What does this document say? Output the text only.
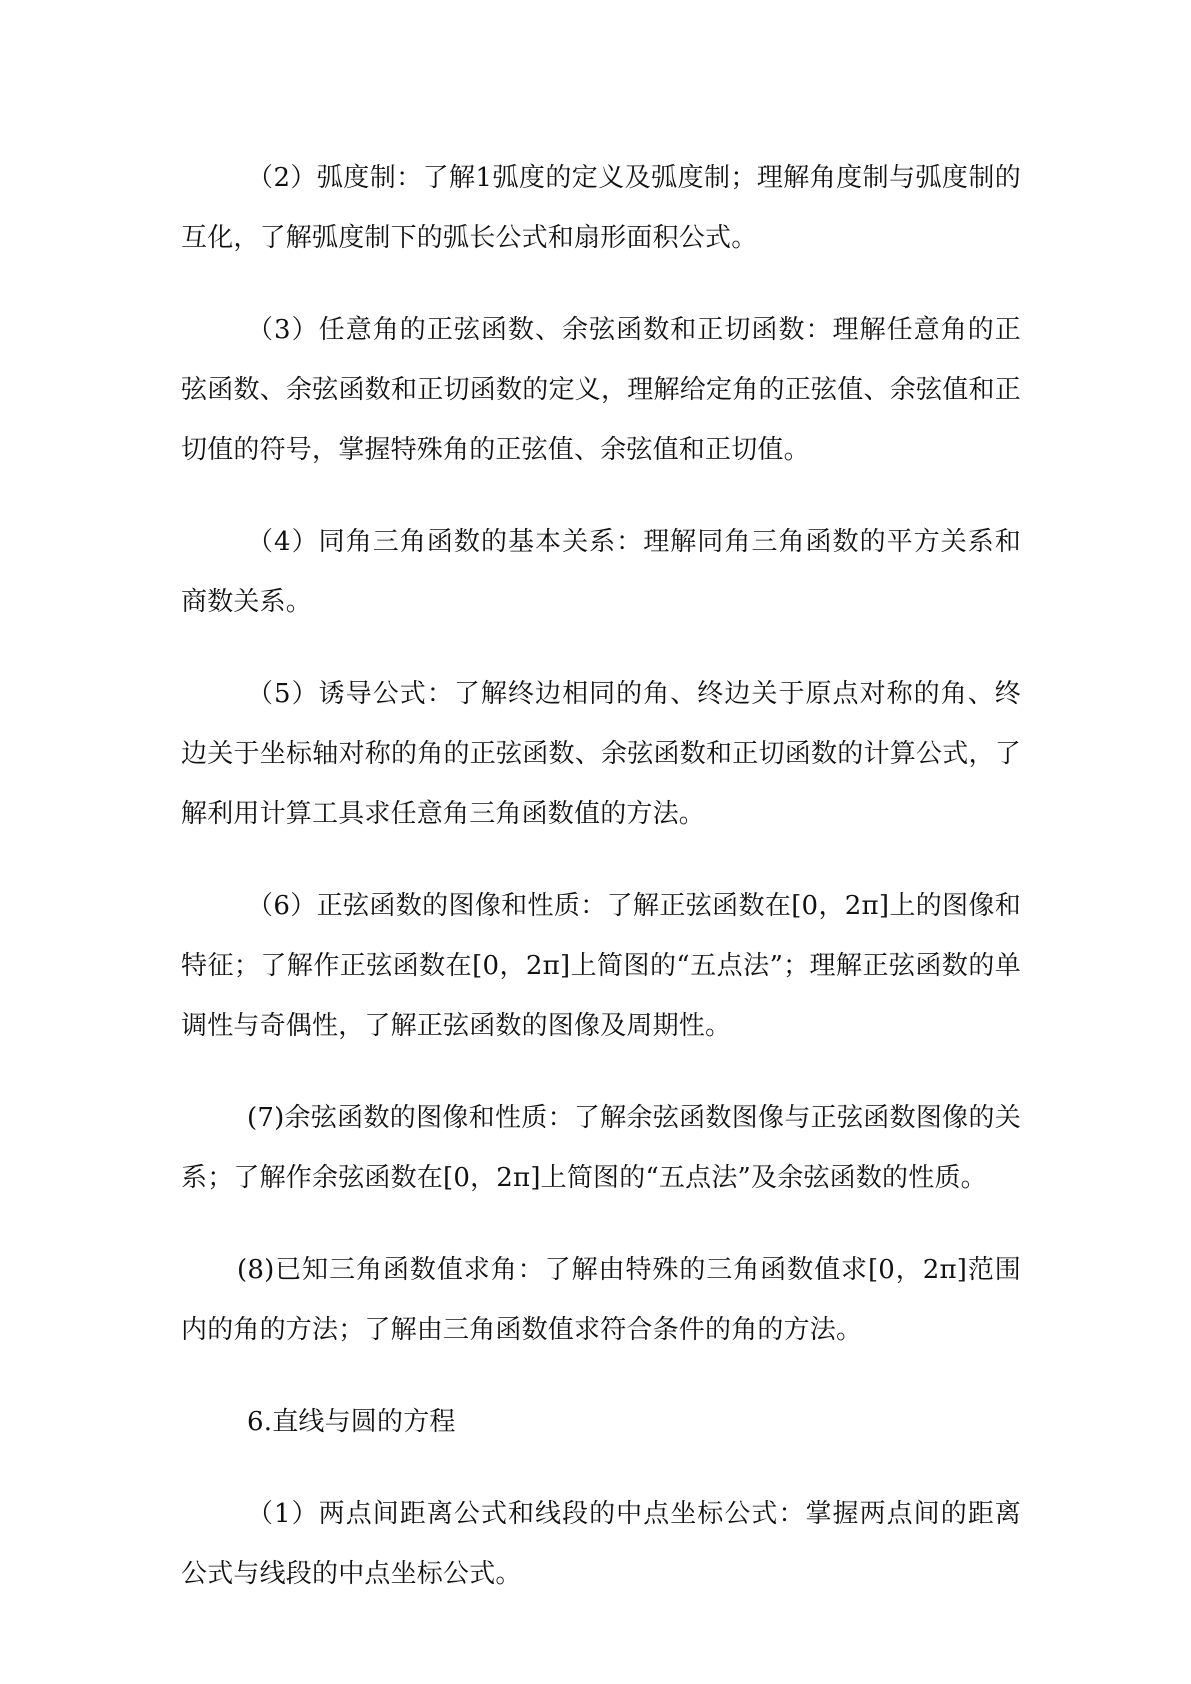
（2）弧度制：了解1弧度的定义及弧度制；理解角度制与弧度制的互化，了解弧度制下的弧长公式和扇形面积公式。

（3）任意角的正弦函数、余弦函数和正切函数：理解任意角的正弦函数、余弦函数和正切函数的定义，理解给定角的正弦值、余弦值和正切值的符号，掌握特殊角的正弦值、余弦值和正切值。

（4）同角三角函数的基本关系：理解同角三角函数的平方关系和商数关系。

（5）诱导公式：了解终边相同的角、终边关于原点对称的角、终边关于坐标轴对称的角的正弦函数、余弦函数和正切函数的计算公式，了解利用计算工具求任意角三角函数值的方法。

（6）正弦函数的图像和性质：了解正弦函数在[0，2π]上的图像和特征；了解作正弦函数在[0，2π]上简图的“五点法”；理解正弦函数的单调性与奇偶性，了解正弦函数的图像及周期性。

(7)余弦函数的图像和性质：了解余弦函数图像与正弦函数图像的关系；了解作余弦函数在[0，2π]上简图的“五点法”及余弦函数的性质。

(8)已知三角函数值求角：了解由特殊的三角函数值求[0，2π]范围内的角的方法；了解由三角函数值求符合条件的角的方法。

6.直线与圆的方程

（1）两点间距离公式和线段的中点坐标公式：掌握两点间的距离公式与线段的中点坐标公式。
